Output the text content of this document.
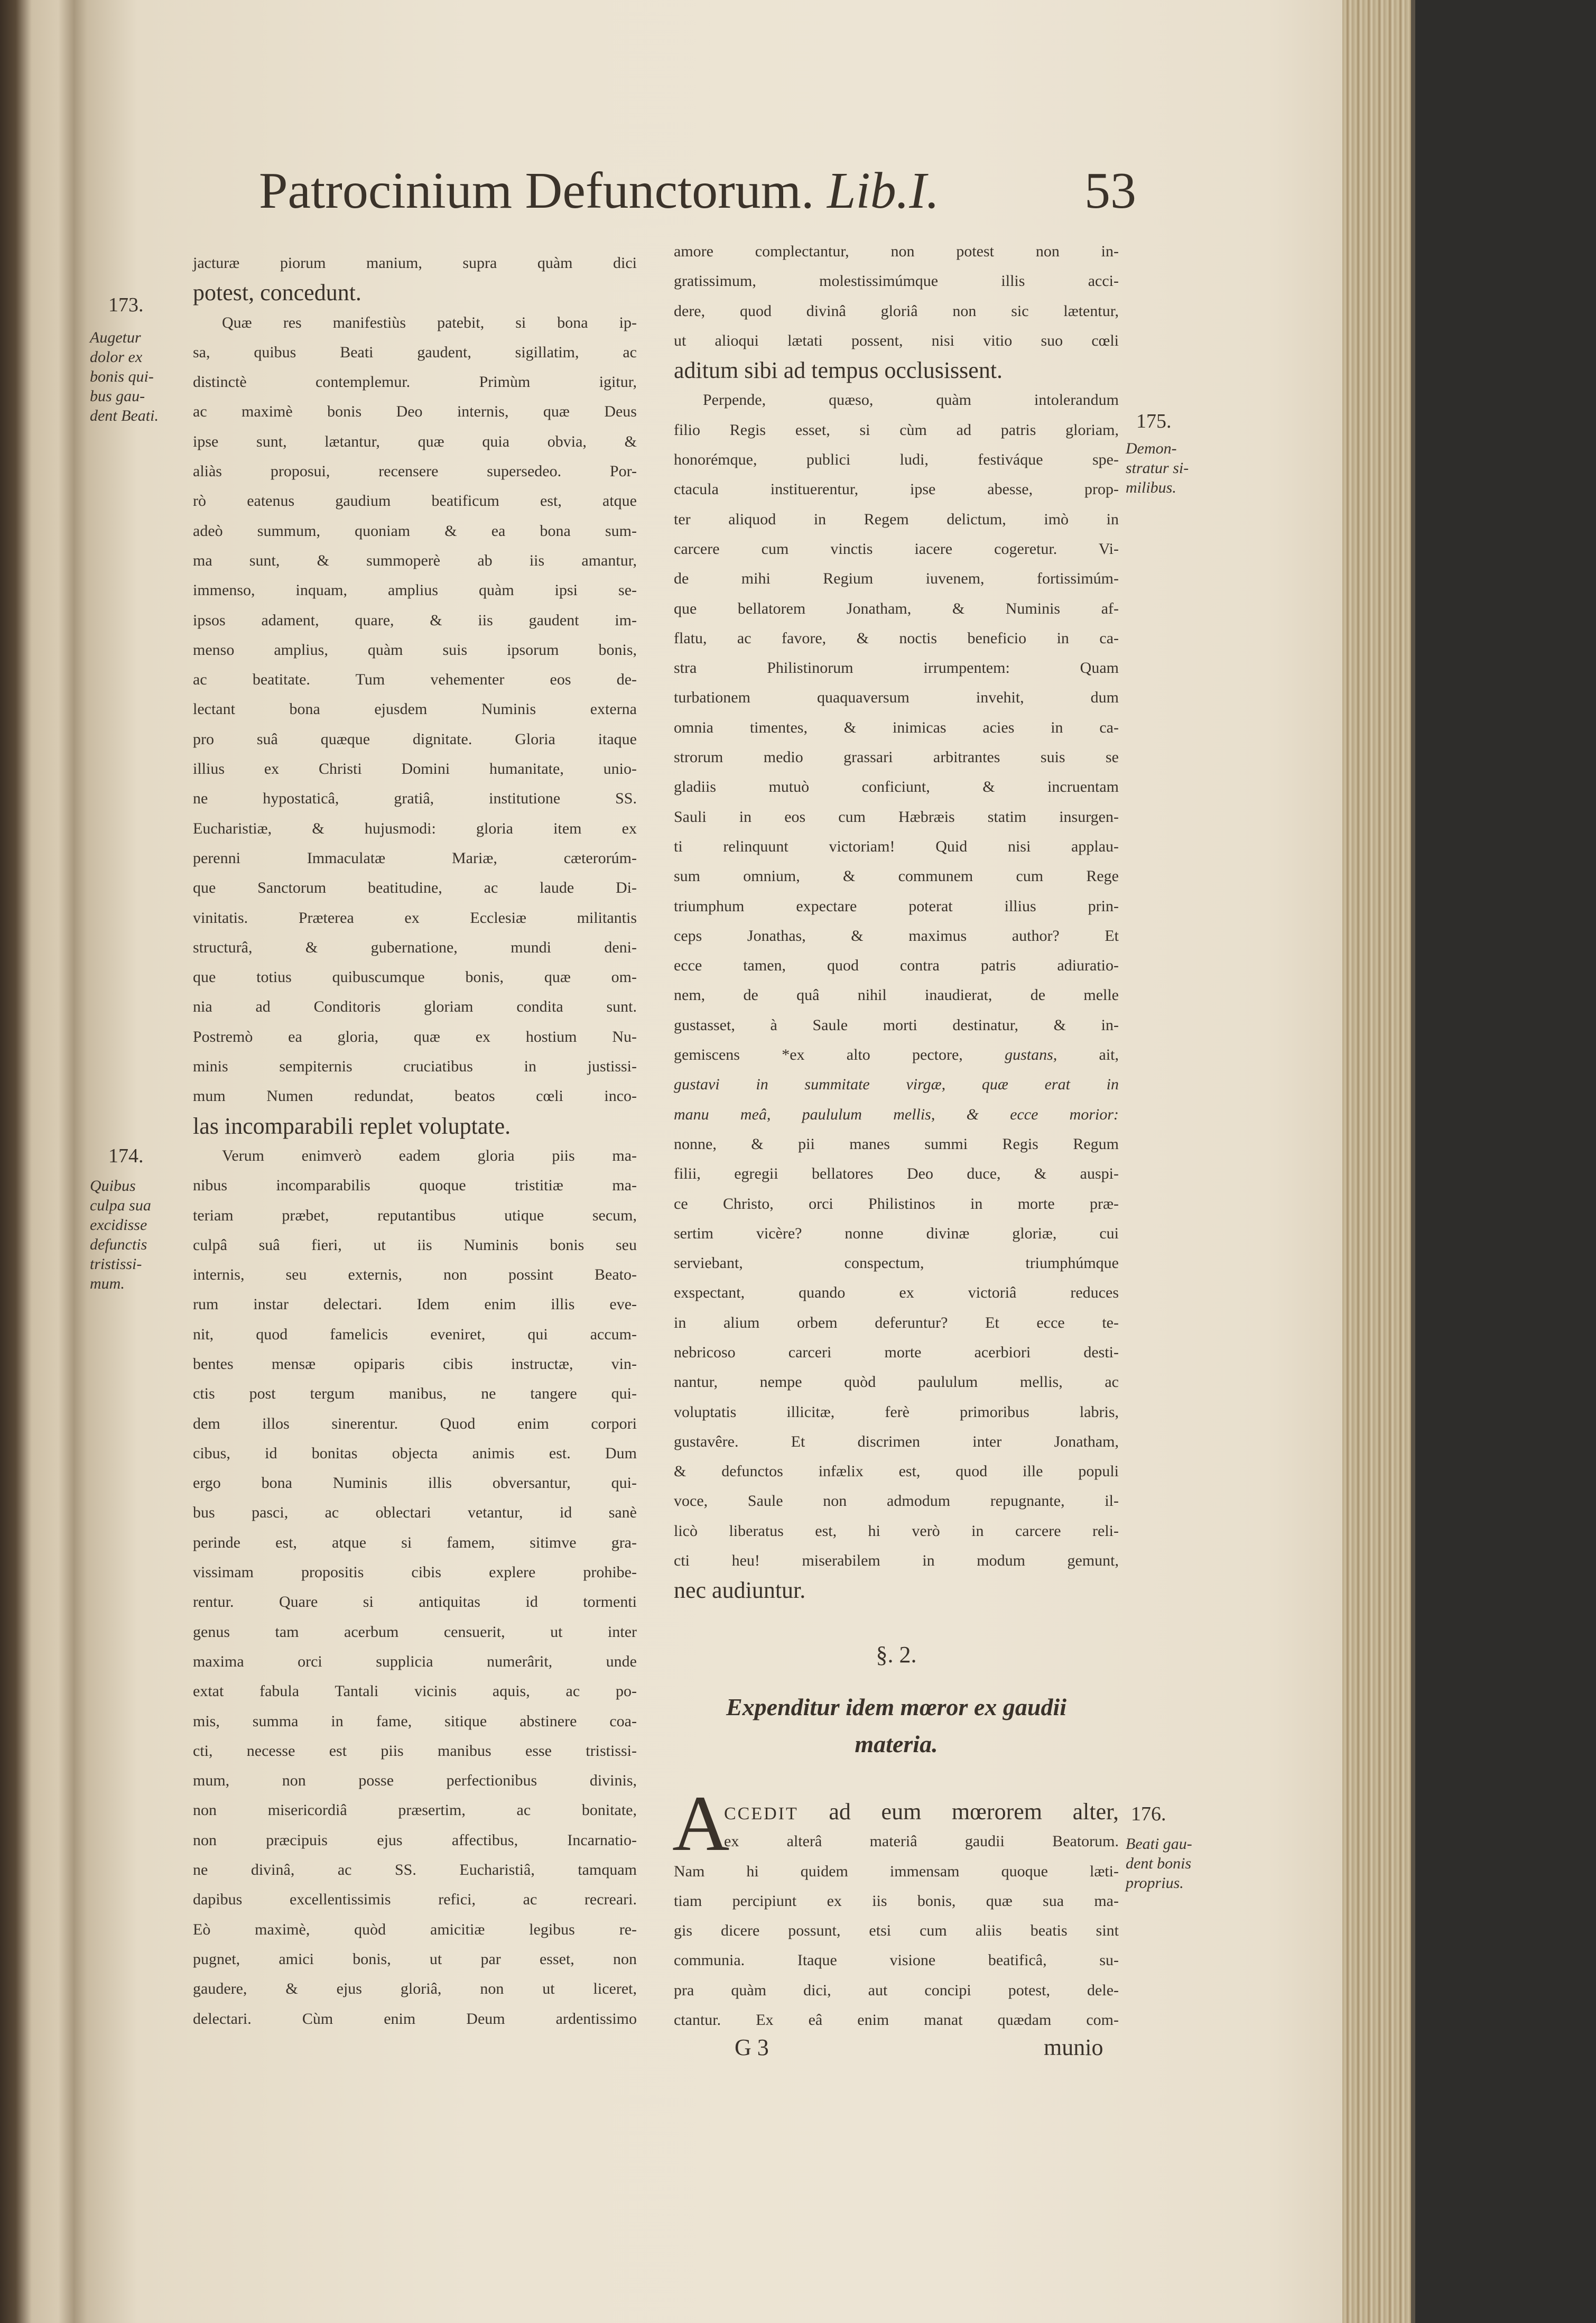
Patrocinium Defunctorum. Lib.I.	53
jacturæ piorum manium, supra quàm dici
potest, concedunt.
Quæ res manifestiùs patebit, si bona ip-
sa, quibus Beati gaudent, sigillatim, ac
distinctè contemplemur. Primùm igitur,
ac maximè bonis Deo internis, quæ Deus
ipse sunt, lætantur, quæ quia obvia, &
aliàs proposui, recensere supersedeo. Por-
rò eatenus gaudium beatificum est, atque
adeò summum, quoniam & ea bona sum-
ma sunt, & summoperè ab iis amantur,
immenso, inquam, amplius quàm ipsi se-
ipsos adament, quare, & iis gaudent im-
menso amplius, quàm suis ipsorum bonis,
ac beatitate. Tum vehementer eos de-
lectant bona ejusdem Numinis externa
pro suâ quæque dignitate. Gloria itaque
illius ex Christi Domini humanitate, unio-
ne hypostaticâ, gratiâ, institutione SS.
Eucharistiæ, & hujusmodi: gloria item ex
perenni Immaculatæ Mariæ, cæterorúm-
que Sanctorum beatitudine, ac laude Di-
vinitatis. Præterea ex Ecclesiæ militantis
structurâ, & gubernatione, mundi deni-
que totius quibuscumque bonis, quæ om-
nia ad Conditoris gloriam condita sunt.
Postremò ea gloria, quæ ex hostium Nu-
minis sempiternis cruciatibus in justissi-
mum Numen redundat, beatos cœli inco-
las incomparabili replet voluptate.
Verum enimverò eadem gloria piis ma-
nibus incomparabilis quoque tristitiæ ma-
teriam præbet, reputantibus utique secum,
culpâ suâ fieri, ut iis Numinis bonis seu
internis, seu externis, non possint Beato-
rum instar delectari. Idem enim illis eve-
nit, quod famelicis eveniret, qui accum-
bentes mensæ opiparis cibis instructæ, vin-
ctis post tergum manibus, ne tangere qui-
dem illos sinerentur. Quod enim corpori
cibus, id bonitas objecta animis est. Dum
ergo bona Numinis illis obversantur, qui-
bus pasci, ac oblectari vetantur, id sanè
perinde est, atque si famem, sitimve gra-
vissimam propositis cibis explere prohibe-
rentur. Quare si antiquitas id tormenti
genus tam acerbum censuerit, ut inter
maxima orci supplicia numerârit, unde
extat fabula Tantali vicinis aquis, ac po-
mis, summa in fame, sitique abstinere coa-
cti, necesse est piis manibus esse tristissi-
mum, non posse perfectionibus divinis,
non misericordiâ præsertim, ac bonitate,
non præcipuis ejus affectibus, Incarnatio-
ne divinâ, ac SS. Eucharistiâ, tamquam
dapibus excellentissimis refici, ac recreari.
Eò maximè, quòd amicitiæ legibus re-
pugnet, amici bonis, ut par esset, non
gaudere, & ejus gloriâ, non ut liceret,
delectari. Cùm enim Deum ardentissimo
amore complectantur, non potest non in-
gratissimum, molestissimúmque illis acci-
dere, quod divinâ gloriâ non sic lætentur,
ut alioqui lætati possent, nisi vitio suo cœli
aditum sibi ad tempus occlusissent.
Perpende, quæso, quàm intolerandum
filio Regis esset, si cùm ad patris gloriam,
honorémque, publici ludi, festiváque spe-
ctacula instituerentur, ipse abesse, prop-
ter aliquod in Regem delictum, imò in
carcere cum vinctis iacere cogeretur. Vi-
de mihi Regium iuvenem, fortissimúm-
que bellatorem Jonatham, & Numinis af-
flatu, ac favore, & noctis beneficio in ca-
stra Philistinorum irrumpentem: Quam
turbationem quaquaversum invehit, dum
omnia timentes, & inimicas acies in ca-
strorum medio grassari arbitrantes suis se
gladiis mutuò conficiunt, & incruentam
Sauli in eos cum Hæbræis statim insurgen-
ti relinquunt victoriam! Quid nisi applau-
sum omnium, & communem cum Rege
triumphum expectare poterat illius prin-
ceps Jonathas, & maximus author? Et
ecce tamen, quod contra patris adiuratio-
nem, de quâ nihil inaudierat, de melle
gustasset, à Saule morti destinatur, & in-
gemiscens *ex alto pectore, gustans, ait,
gustavi in summitate virgæ, quæ erat in
manu meâ, paululum mellis, & ecce morior:
nonne, & pii manes summi Regis Regum
filii, egregii bellatores Deo duce, & auspi-
ce Christo, orci Philistinos in morte præ-
sertim vicère? nonne divinæ gloriæ, cui
serviebant, conspectum, triumphúmque
exspectant, quando ex victoriâ reduces
in alium orbem deferuntur? Et ecce te-
nebricoso carceri morte acerbiori desti-
nantur, nempe quòd paululum mellis, ac
voluptatis illicitæ, ferè primoribus labris,
gustavêre. Et discrimen inter Jonatham,
& defunctos infælix est, quod ille populi
voce, Saule non admodum repugnante, il-
licò liberatus est, hi verò in carcere reli-
cti heu! miserabilem in modum gemunt,
nec audiuntur.
173.
Augetur
dolor ex
bonis qui-
bus gau-
dent Beati.
174.
Quibus
culpa sua
excidisse
defunctis
tristissi-
mum.
175.
Demon-
stratur si-
milibus.
176.
Beati gau-
dent bonis
proprius.
§. 2.
Expenditur idem mœror ex gaudii
materia.
A
CCEDIT ad eum mœrorem alter,
ex alterâ materiâ gaudii Beatorum.
Nam hi quidem immensam quoque læti-
tiam percipiunt ex iis bonis, quæ sua ma-
gis dicere possunt, etsi cum aliis beatis sint
communia. Itaque visione beatificâ, su-
pra quàm dici, aut concipi potest, dele-
ctantur. Ex eâ enim manat quædam com-
G 3	munio
